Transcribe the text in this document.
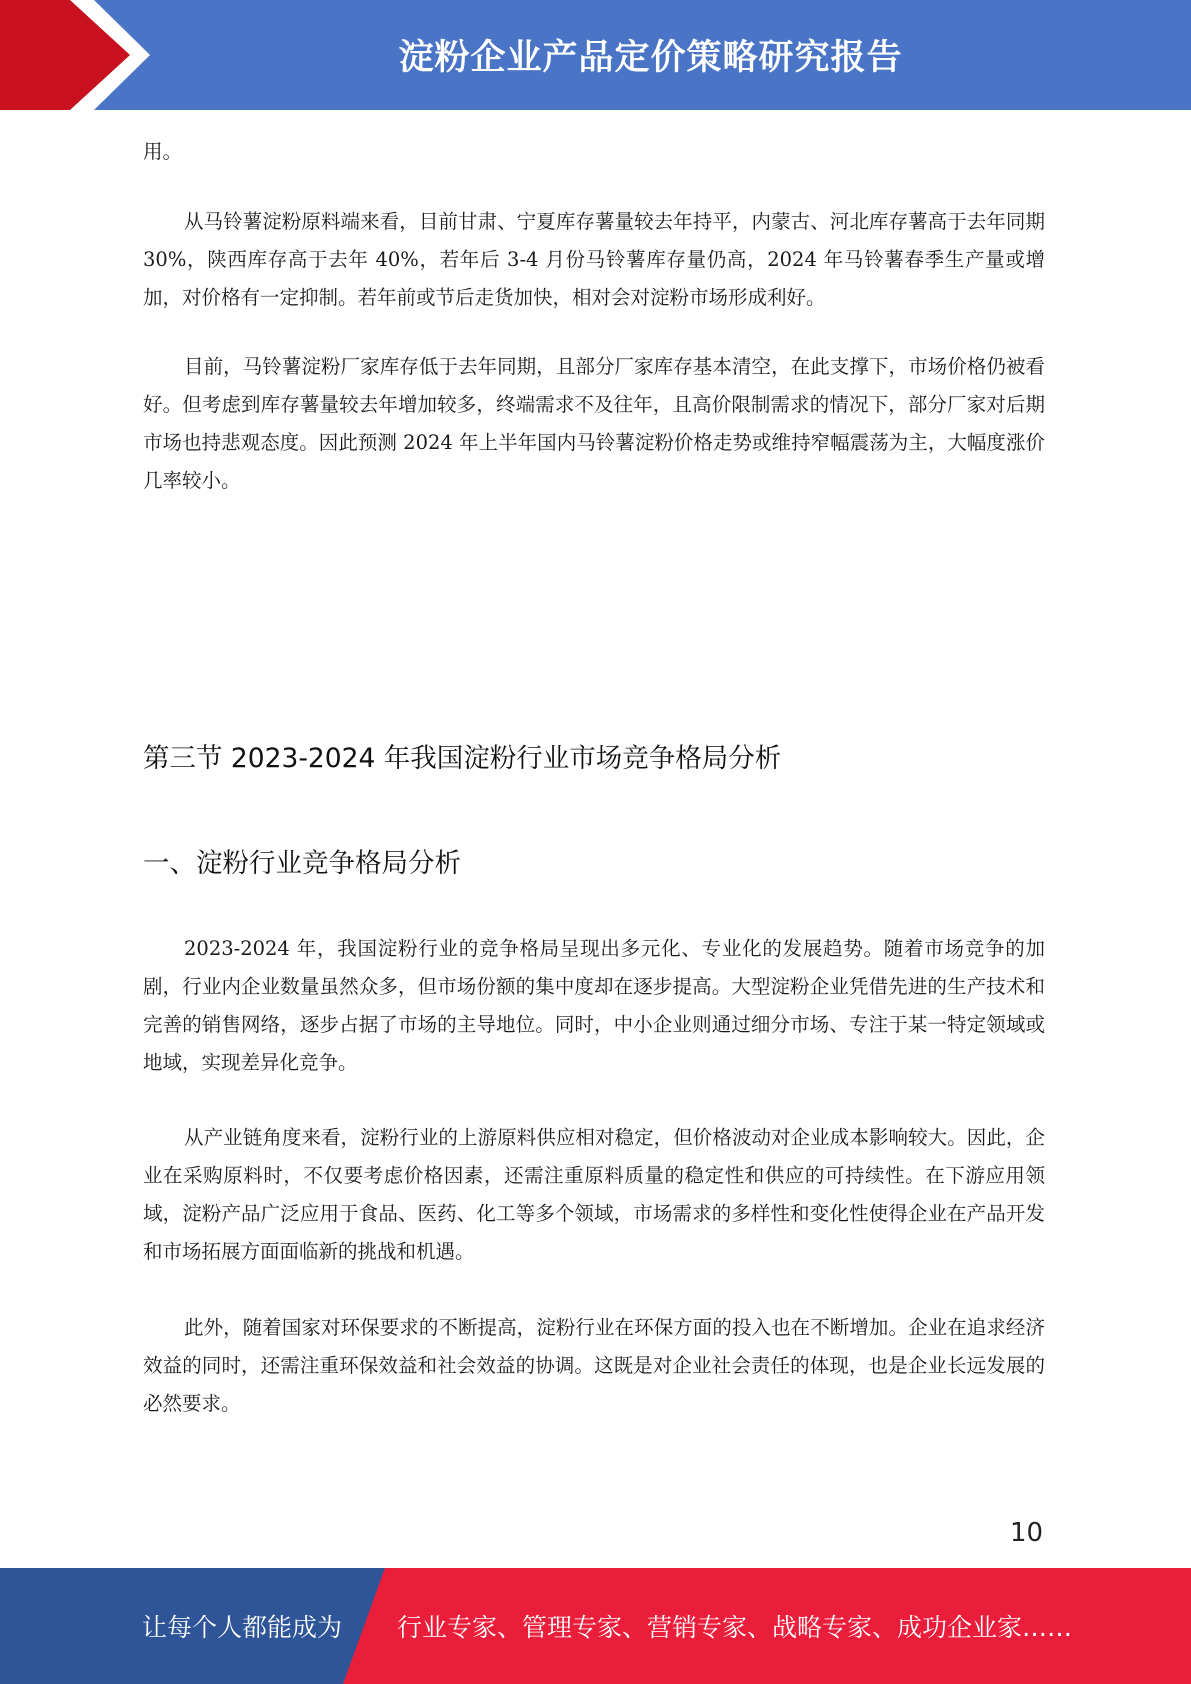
淀粉企业产品定价策略研究报告

用。

从马铃薯淀粉原料端来看，目前甘肃、宁夏库存薯量较去年持平，内蒙古、河北库存薯高于去年同期 30%，陕西库存高于去年 40%，若年后 3-4 月份马铃薯库存量仍高，2024 年马铃薯春季生产量或增加，对价格有一定抑制。若年前或节后走货加快，相对会对淀粉市场形成利好。

目前，马铃薯淀粉厂家库存低于去年同期，且部分厂家库存基本清空，在此支撑下，市场价格仍被看好。但考虑到库存薯量较去年增加较多，终端需求不及往年，且高价限制需求的情况下，部分厂家对后期市场也持悲观态度。因此预测 2024 年上半年国内马铃薯淀粉价格走势或维持窄幅震荡为主，大幅度涨价几率较小。

第三节 2023-2024 年我国淀粉行业市场竞争格局分析
一、淀粉行业竞争格局分析

2023-2024 年，我国淀粉行业的竞争格局呈现出多元化、专业化的发展趋势。随着市场竞争的加剧，行业内企业数量虽然众多，但市场份额的集中度却在逐步提高。大型淀粉企业凭借先进的生产技术和完善的销售网络，逐步占据了市场的主导地位。同时，中小企业则通过细分市场、专注于某一特定领域或地域，实现差异化竞争。

从产业链角度来看，淀粉行业的上游原料供应相对稳定，但价格波动对企业成本影响较大。因此，企业在采购原料时，不仅要考虑价格因素，还需注重原料质量的稳定性和供应的可持续性。在下游应用领域，淀粉产品广泛应用于食品、医药、化工等多个领域，市场需求的多样性和变化性使得企业在产品开发和市场拓展方面面临新的挑战和机遇。

此外，随着国家对环保要求的不断提高，淀粉行业在环保方面的投入也在不断增加。企业在追求经济效益的同时，还需注重环保效益和社会效益的协调。这既是对企业社会责任的体现，也是企业长远发展的必然要求。

10
让每个人都能成为 行业专家、管理专家、营销专家、战略专家、成功企业家……
